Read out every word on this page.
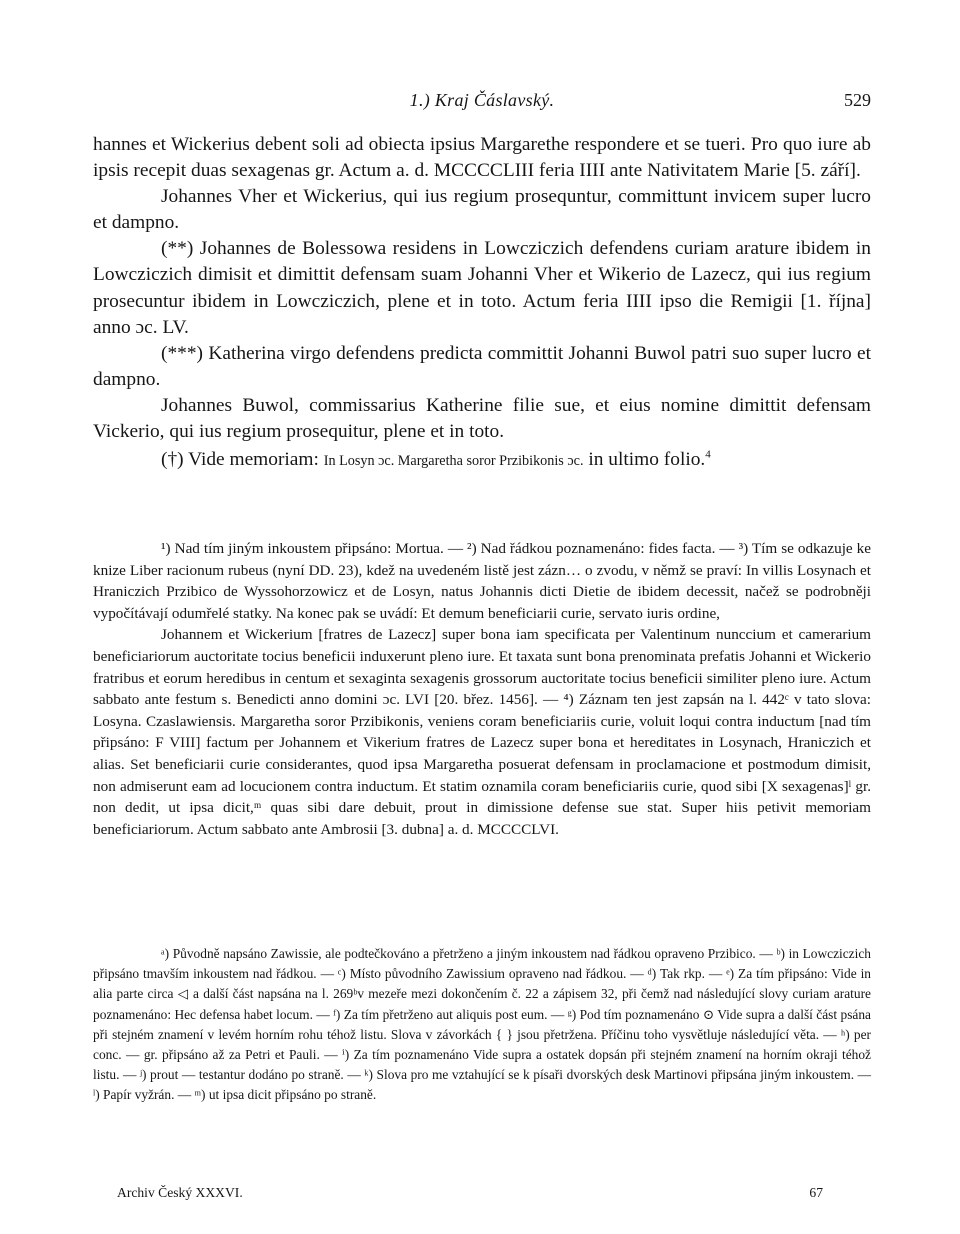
1.) Kraj Čáslavský.	529

hannes et Wickerius debent soli ad obiecta ipsius Margarethe respondere et se tueri. Pro quo iure ab ipsis recepit duas sexagenas gr. Actum a. d. MCCCCLIII feria IIII ante Nativitatem Marie [5. září].

Johannes Vher et Wickerius, qui ius regium prosequntur, committunt invicem super lucro et dampno.

(**) Johannes de Bolessowa residens in Lowcziczich defendens curiam arature ibidem in Lowcziczich dimisit et dimittit defensam suam Johanni Vher et Wikerio de Lazecz, qui ius regium prosecuntur ibidem in Lowcziczich, plene et in toto. Actum feria IIII ipso die Remigii [1. října] anno ɔc. LV.

(***) Katherina virgo defendens predicta committit Johanni Buwol patri suo super lucro et dampno.

Johannes Buwol, commissarius Katherine filie sue, et eius nomine dimittit defensam Vickerio, qui ius regium prosequitur, plene et in toto.

(†) Vide memoriam: In Losyn ɔc. Margaretha soror Przibikonis ɔc. in ultimo folio.$^4$

¹) Nad tím jiným inkoustem připsáno: Mortua. — ²) Nad řádkou poznamenáno: fides facta. — ³) Tím se odkazuje ke knize Liber racionum rubeus (nyní DD. 23), kdež na uvedeném listě jest zázn… o zvodu, v němž se praví: In villis Losynach et Hraniczich Przibico de Wyssohorzowicz et de Losyn, natus Johannis dicti Dietie de ibidem decessit, načež se podrobněji vypočítávají odumřelé statky. Na konec pak se uvádí: Et demum beneficiarii curie, servato iuris ordine,

Johannem et Wickerium [fratres de Lazecz] super bona iam specificata per Valentinum nunccium et camerarium beneficiariorum auctoritate tocius beneficii induxerunt pleno iure. Et taxata sunt bona prenominata prefatis Johanni et Wickerio fratribus et eorum heredibus in centum et sexaginta sexagenis grossorum auctoritate tocius beneficii similiter pleno iure. Actum sabbato ante festum s. Benedicti anno domini ɔc. LVI [20. břez. 1456]. — ⁴) Záznam ten jest zapsán na l. 442ᶜ v tato slova: Losyna. Czaslawiensis. Margaretha soror Przibikonis, veniens coram beneficiariis curie, voluit loqui contra inductum [nad tím připsáno: F VIII] factum per Johannem et Vikerium fratres de Lazecz super bona et hereditates in Losynach, Hraniczich et alias. Set beneficiarii curie considerantes, quod ipsa Margaretha posuerat defensam in proclamacione et postmodum dimisit, non admiserunt eam ad locucionem contra inductum. Et statim oznamila coram beneficiariis curie, quod sibi [X sexagenas]ˡ gr. non dedit, ut ipsa dicit,ᵐ quas sibi dare debuit, prout in dimissione defense sue stat. Super hiis petivit memoriam beneficiariorum. Actum sabbato ante Ambrosii [3. dubna] a. d. MCCCCLVI.

ᵃ) Původně napsáno Zawissie, ale podtečkováno a přetrženo a jiným inkoustem nad řádkou opraveno Przibico. — ᵇ) in Lowcziczich připsáno tmavším inkoustem nad řádkou. — ᶜ) Místo původního Zawissium opraveno nad řádkou. — ᵈ) Tak rkp. — ᵉ) Za tím připsáno: Vide in alia parte circa ◁ a další část napsána na l. 269ᵇv mezeře mezi dokončením č. 22 a zápisem 32, při čemž nad následující slovy curiam arature poznamenáno: Hec defensa habet locum. — ᶠ) Za tím přetrženo aut aliquis post eum. — ᵍ) Pod tím poznamenáno ⊙ Vide supra a další část psána při stejném znamení v levém horním rohu téhož listu. Slova v závorkách { } jsou přetržena. Příčinu toho vysvětluje následující věta. — ʰ) per conc. — gr. připsáno až za Petri et Pauli. — ⁱ) Za tím poznamenáno Vide supra a ostatek dopsán při stejném znamení na horním okraji téhož listu. — ʲ) prout — testantur dodáno po straně. — ᵏ) Slova pro me vztahující se k písaři dvorských desk Martinovi připsána jiným inkoustem. — ˡ) Papír vyžrán. — ᵐ) ut ipsa dicit připsáno po straně.

Archiv Český XXXVI.	67
